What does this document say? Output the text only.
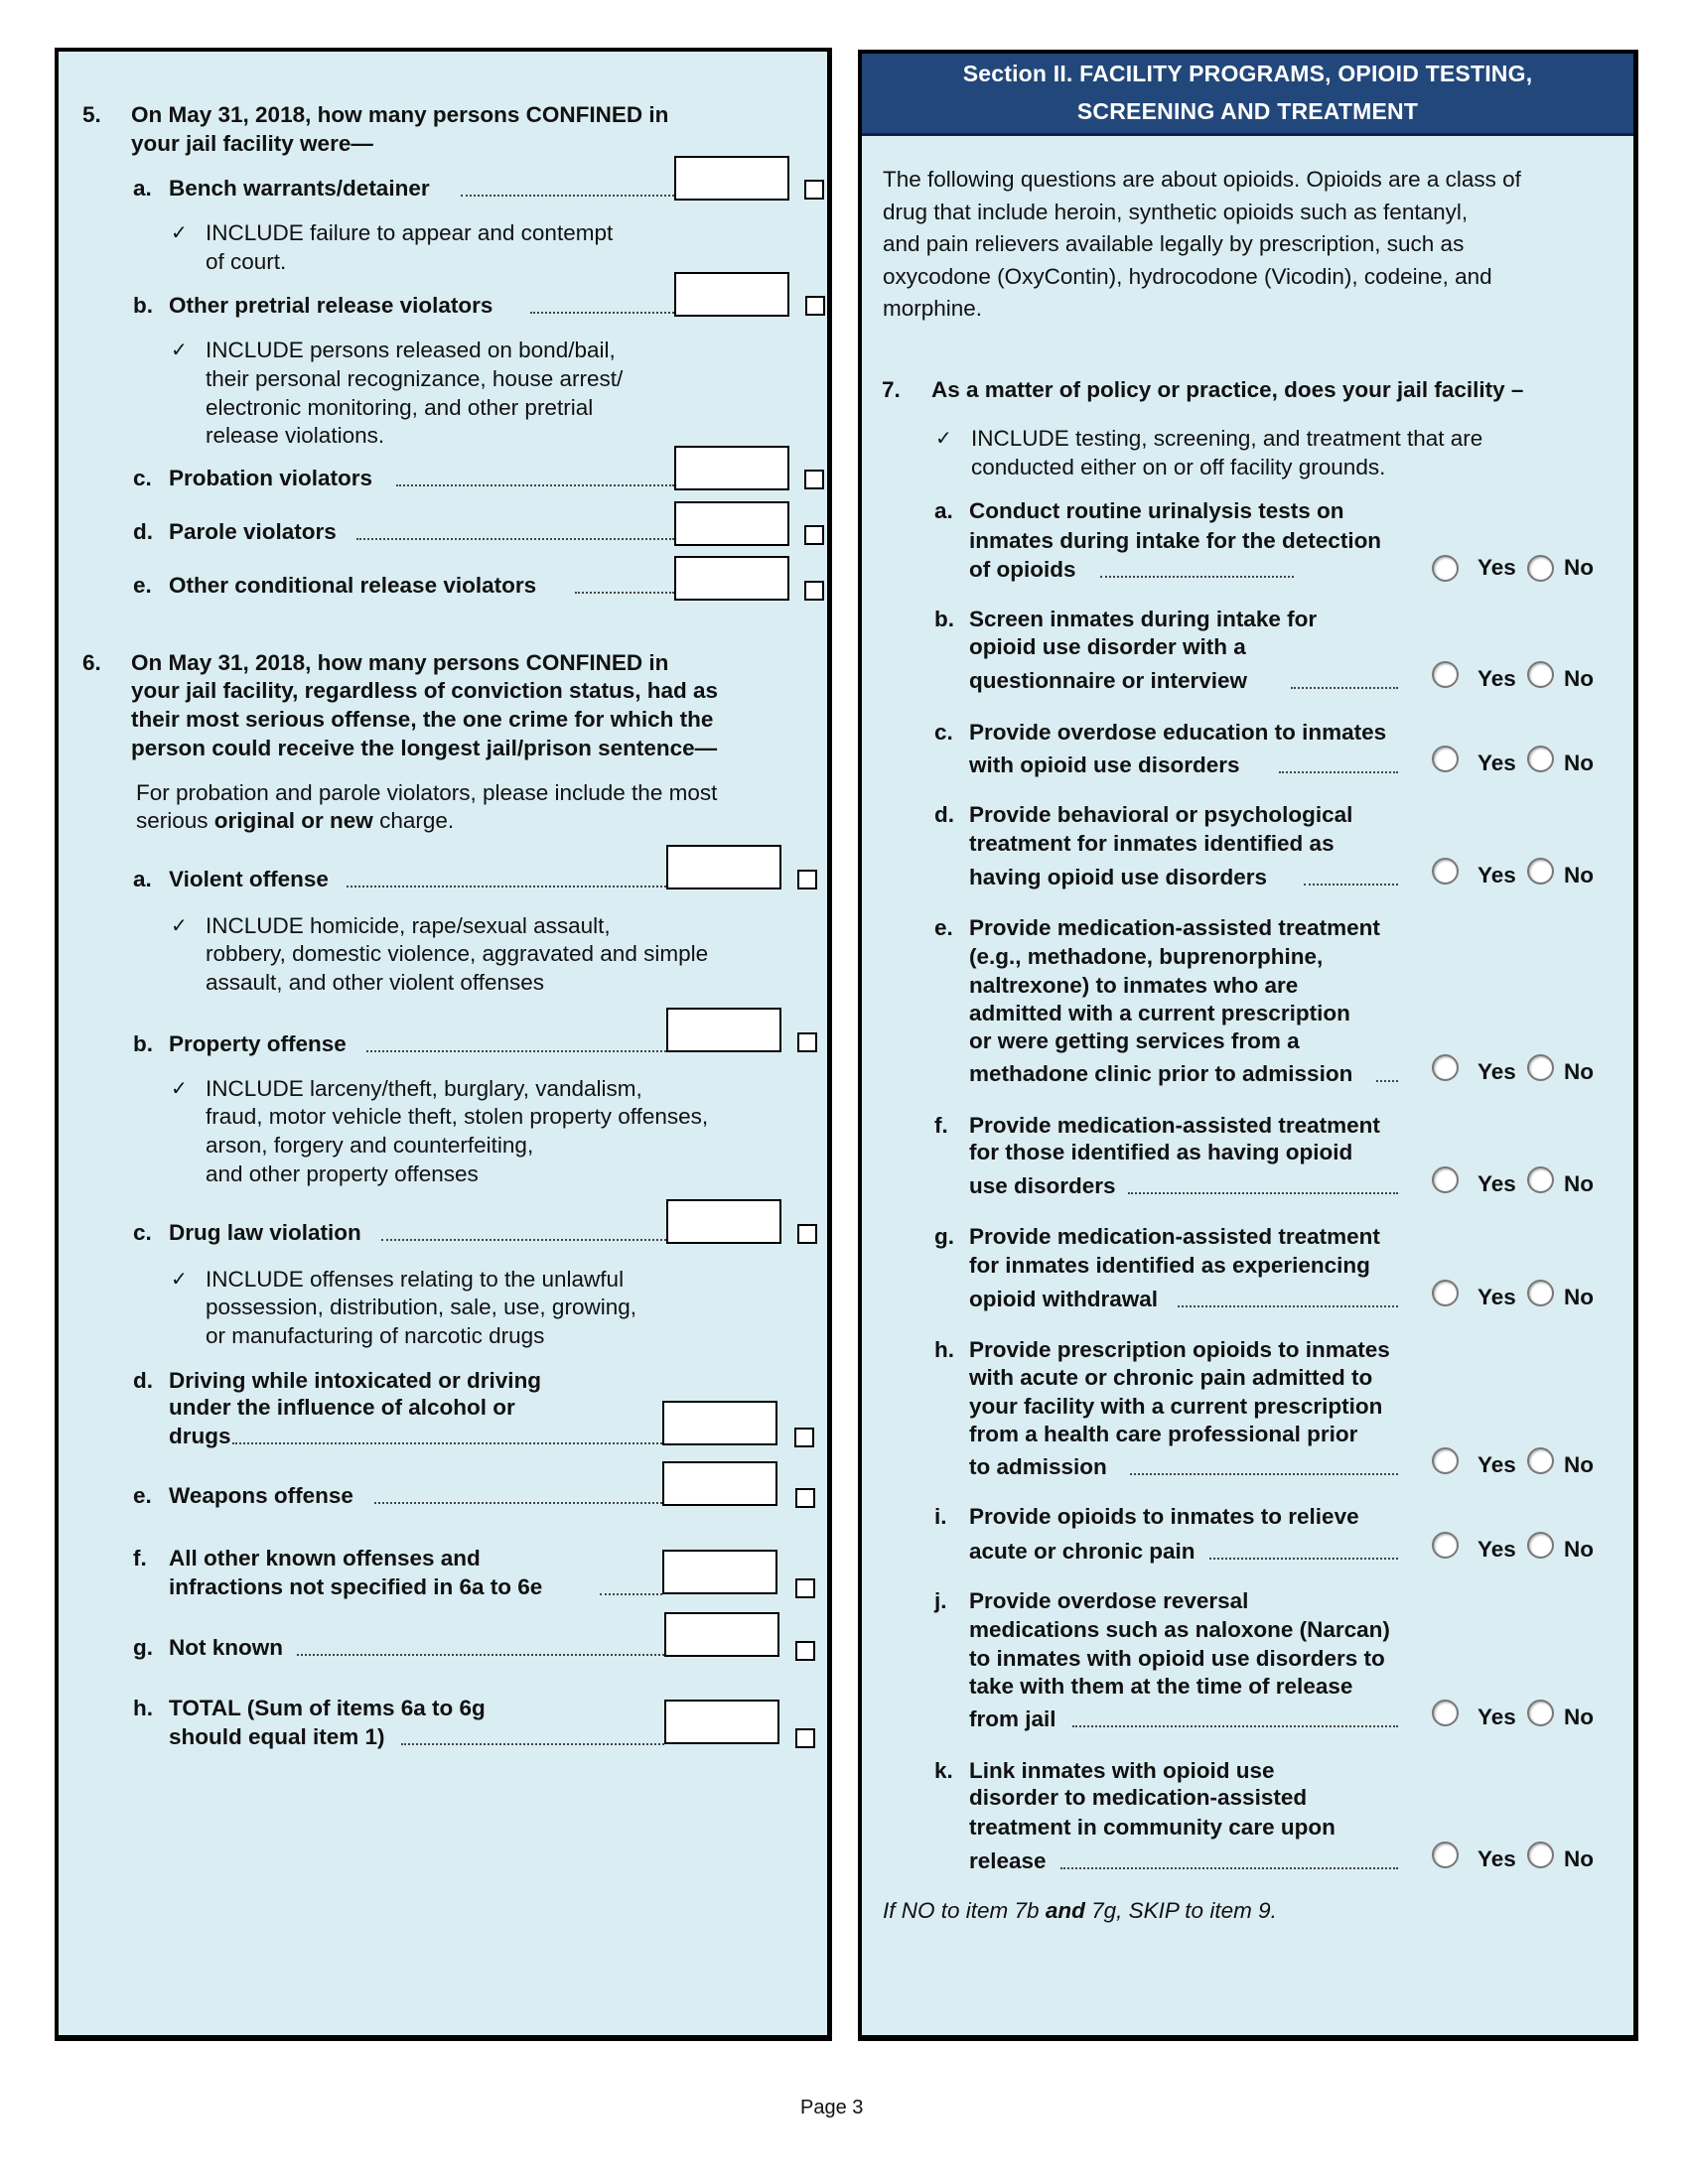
5. On May 31, 2018, how many persons CONFINED in
your jail facility were—
a. Bench warrants/detainer
✓ INCLUDE failure to appear and contempt
of court.
b. Other pretrial release violators
✓ INCLUDE persons released on bond/bail,
their personal recognizance, house arrest/
electronic monitoring, and other pretrial
release violations.
c. Probation violators
d. Parole violators
e. Other conditional release violators
6. On May 31, 2018, how many persons CONFINED in
your jail facility, regardless of conviction status, had as
their most serious offense, the one crime for which the
person could receive the longest jail/prison sentence—
For probation and parole violators, please include the most
serious original or new charge.
a. Violent offense
✓ INCLUDE homicide, rape/sexual assault,
robbery, domestic violence, aggravated and simple
assault, and other violent offenses
b. Property offense
✓ INCLUDE larceny/theft, burglary, vandalism,
fraud, motor vehicle theft, stolen property offenses,
arson, forgery and counterfeiting,
and other property offenses
c. Drug law violation
✓ INCLUDE offenses relating to the unlawful
possession, distribution, sale, use, growing,
or manufacturing of narcotic drugs
d. Driving while intoxicated or driving
under the influence of alcohol or
drugs
e. Weapons offense
f. All other known offenses and
infractions not specified in 6a to 6e
g. Not known
h. TOTAL (Sum of items 6a to 6g
should equal item 1)
Section II. FACILITY PROGRAMS, OPIOID TESTING,
SCREENING AND TREATMENT
The following questions are about opioids. Opioids are a class of
drug that include heroin, synthetic opioids such as fentanyl,
and pain relievers available legally by prescription, such as
oxycodone (OxyContin), hydrocodone (Vicodin), codeine, and
morphine.
7. As a matter of policy or practice, does your jail facility –
✓ INCLUDE testing, screening, and treatment that are
conducted either on or off facility grounds.
a. Conduct routine urinalysis tests on
inmates during intake for the detection
of opioids	Yes No
b. Screen inmates during intake for
opioid use disorder with a
questionnaire or interview	Yes No
c. Provide overdose education to inmates
with opioid use disorders	Yes No
d. Provide behavioral or psychological
treatment for inmates identified as
having opioid use disorders	Yes No
e. Provide medication-assisted treatment
(e.g., methadone, buprenorphine,
naltrexone) to inmates who are
admitted with a current prescription
or were getting services from a
methadone clinic prior to admission	Yes No
f. Provide medication-assisted treatment
for those identified as having opioid
use disorders	Yes No
g. Provide medication-assisted treatment
for inmates identified as experiencing
opioid withdrawal	Yes No
h. Provide prescription opioids to inmates
with acute or chronic pain admitted to
your facility with a current prescription
from a health care professional prior
to admission	Yes No
i. Provide opioids to inmates to relieve
acute or chronic pain	Yes No
j. Provide overdose reversal
medications such as naloxone (Narcan)
to inmates with opioid use disorders to
take with them at the time of release
from jail	Yes No
k. Link inmates with opioid use
disorder to medication-assisted
treatment in community care upon
release	Yes No
If NO to item 7b and 7g, SKIP to item 9.
Page 3
